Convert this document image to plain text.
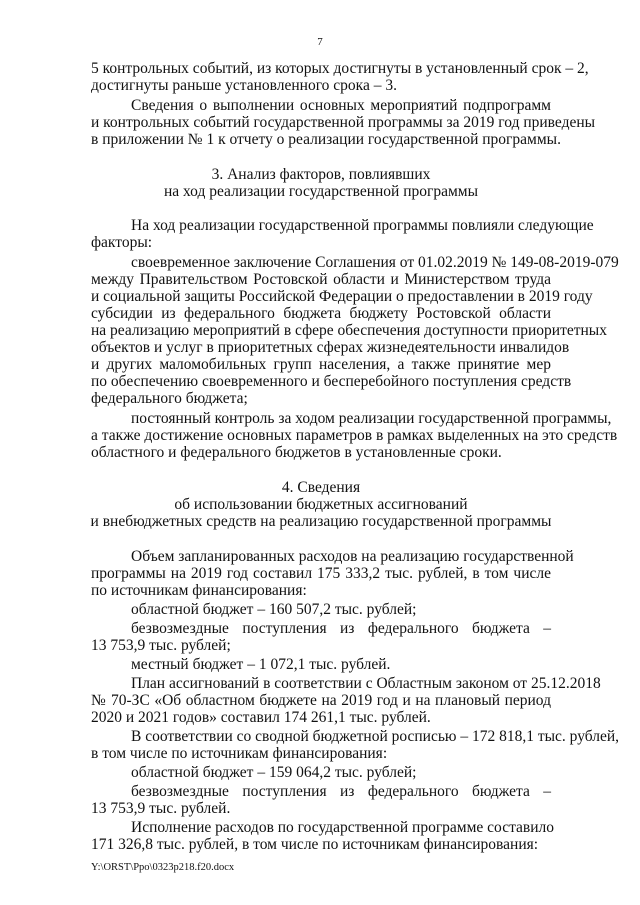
7
5 контрольных событий, из которых достигнуты в установленный срок – 2,
достигнуты раньше установленного срока – 3.
Сведения о выполнении основных мероприятий подпрограмм
и контрольных событий государственной программы за 2019 год приведены
в приложении № 1 к отчету о реализации государственной программы.
3. Анализ факторов, повлиявших
на ход реализации государственной программы
На ход реализации государственной программы повлияли следующие
факторы:
своевременное заключение Соглашения от 01.02.2019 № 149-08-2019-079
между Правительством Ростовской области и Министерством труда
и социальной защиты Российской Федерации о предоставлении в 2019 году
субсидии из федерального бюджета бюджету Ростовской области
на реализацию мероприятий в сфере обеспечения доступности приоритетных
объектов и услуг в приоритетных сферах жизнедеятельности инвалидов
и других маломобильных групп населения, а также принятие мер
по обеспечению своевременного и бесперебойного поступления средств
федерального бюджета;
постоянный контроль за ходом реализации государственной программы,
а также достижение основных параметров в рамках выделенных на это средств
областного и федерального бюджетов в установленные сроки.
4. Сведения
об использовании бюджетных ассигнований
и внебюджетных средств на реализацию государственной программы
Объем запланированных расходов на реализацию государственной
программы на 2019 год составил 175 333,2 тыс. рублей, в том числе
по источникам финансирования:
областной бюджет – 160 507,2 тыс. рублей;
безвозмездные поступления из федерального бюджета –
13 753,9 тыс. рублей;
местный бюджет – 1 072,1 тыс. рублей.
План ассигнований в соответствии с Областным законом от 25.12.2018
№ 70-ЗС «Об областном бюджете на 2019 год и на плановый период
2020 и 2021 годов» составил 174 261,1 тыс. рублей.
В соответствии со сводной бюджетной росписью – 172 818,1 тыс. рублей,
в том числе по источникам финансирования:
областной бюджет – 159 064,2 тыс. рублей;
безвозмездные поступления из федерального бюджета –
13 753,9 тыс. рублей.
Исполнение расходов по государственной программе составило
171 326,8 тыс. рублей, в том числе по источникам финансирования:
Y:\ORST\Ppo\0323p218.f20.docx
